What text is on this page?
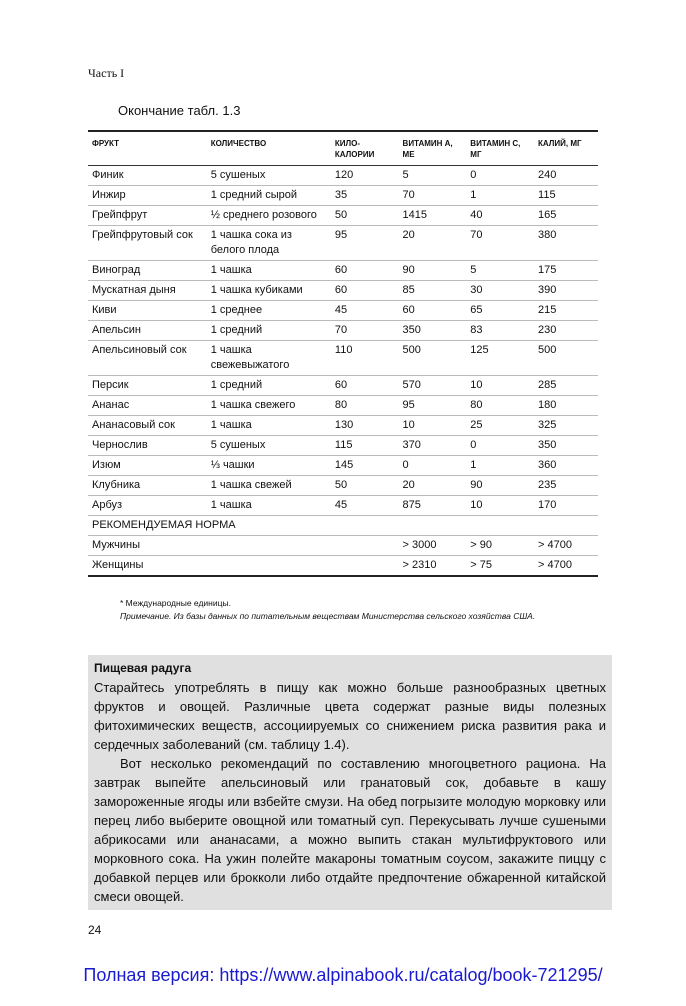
Часть I
Окончание табл. 1.3
ФРУКТ	КОЛИЧЕСТВО	КИЛО-КАЛОРИИ	ВИТАМИН А, МЕ	ВИТАМИН С, МГ	КАЛИЙ, МГ
Финик	5 сушеных	120	5	0	240
Инжир	1 средний сырой	35	70	1	115
Грейпфрут	½ среднего розового	50	1415	40	165
Грейпфрутовый сок	1 чашка сока из белого плода	95	20	70	380
Виноград	1 чашка	60	90	5	175
Мускатная дыня	1 чашка кубиками	60	85	30	390
Киви	1 среднее	45	60	65	215
Апельсин	1 средний	70	350	83	230
Апельсиновый сок	1 чашка свежевыжатого	110	500	125	500
Персик	1 средний	60	570	10	285
Ананас	1 чашка свежего	80	95	80	180
Ананасовый сок	1 чашка	130	10	25	325
Чернослив	5 сушеных	115	370	0	350
Изюм	⅓ чашки	145	0	1	360
Клубника	1 чашка свежей	50	20	90	235
Арбуз	1 чашка	45	875	10	170
РЕКОМЕНДУЕМАЯ НОРМА					
Мужчины			> 3000	> 90	> 4700
Женщины			> 2310	> 75	> 4700
* Международные единицы.
Примечание. Из базы данных по питательным веществам Министерства сельского хозяйства США.
Пищевая радуга

Старайтесь употреблять в пищу как можно больше разнообразных цветных фруктов и овощей. Различные цвета содержат разные виды полезных фитохимических веществ, ассоциируемых со снижением риска развития рака и сердечных заболеваний (см. таблицу 1.4).

Вот несколько рекомендаций по составлению многоцветного рациона. На завтрак выпейте апельсиновый или гранатовый сок, добавьте в кашу замороженные ягоды или взбейте смузи. На обед погрызите молодую морковку или перец либо выберите овощной или томатный суп. Перекусывать лучше сушеными абрикосами или ананасами, а можно выпить стакан мультифруктового или морковного сока. На ужин полейте макароны томатным соусом, закажите пиццу с добавкой перцев или брокколи либо отдайте предпочтение обжаренной китайской смеси овощей.

24
Полная версия: https://www.alpinabook.ru/catalog/book-721295/
